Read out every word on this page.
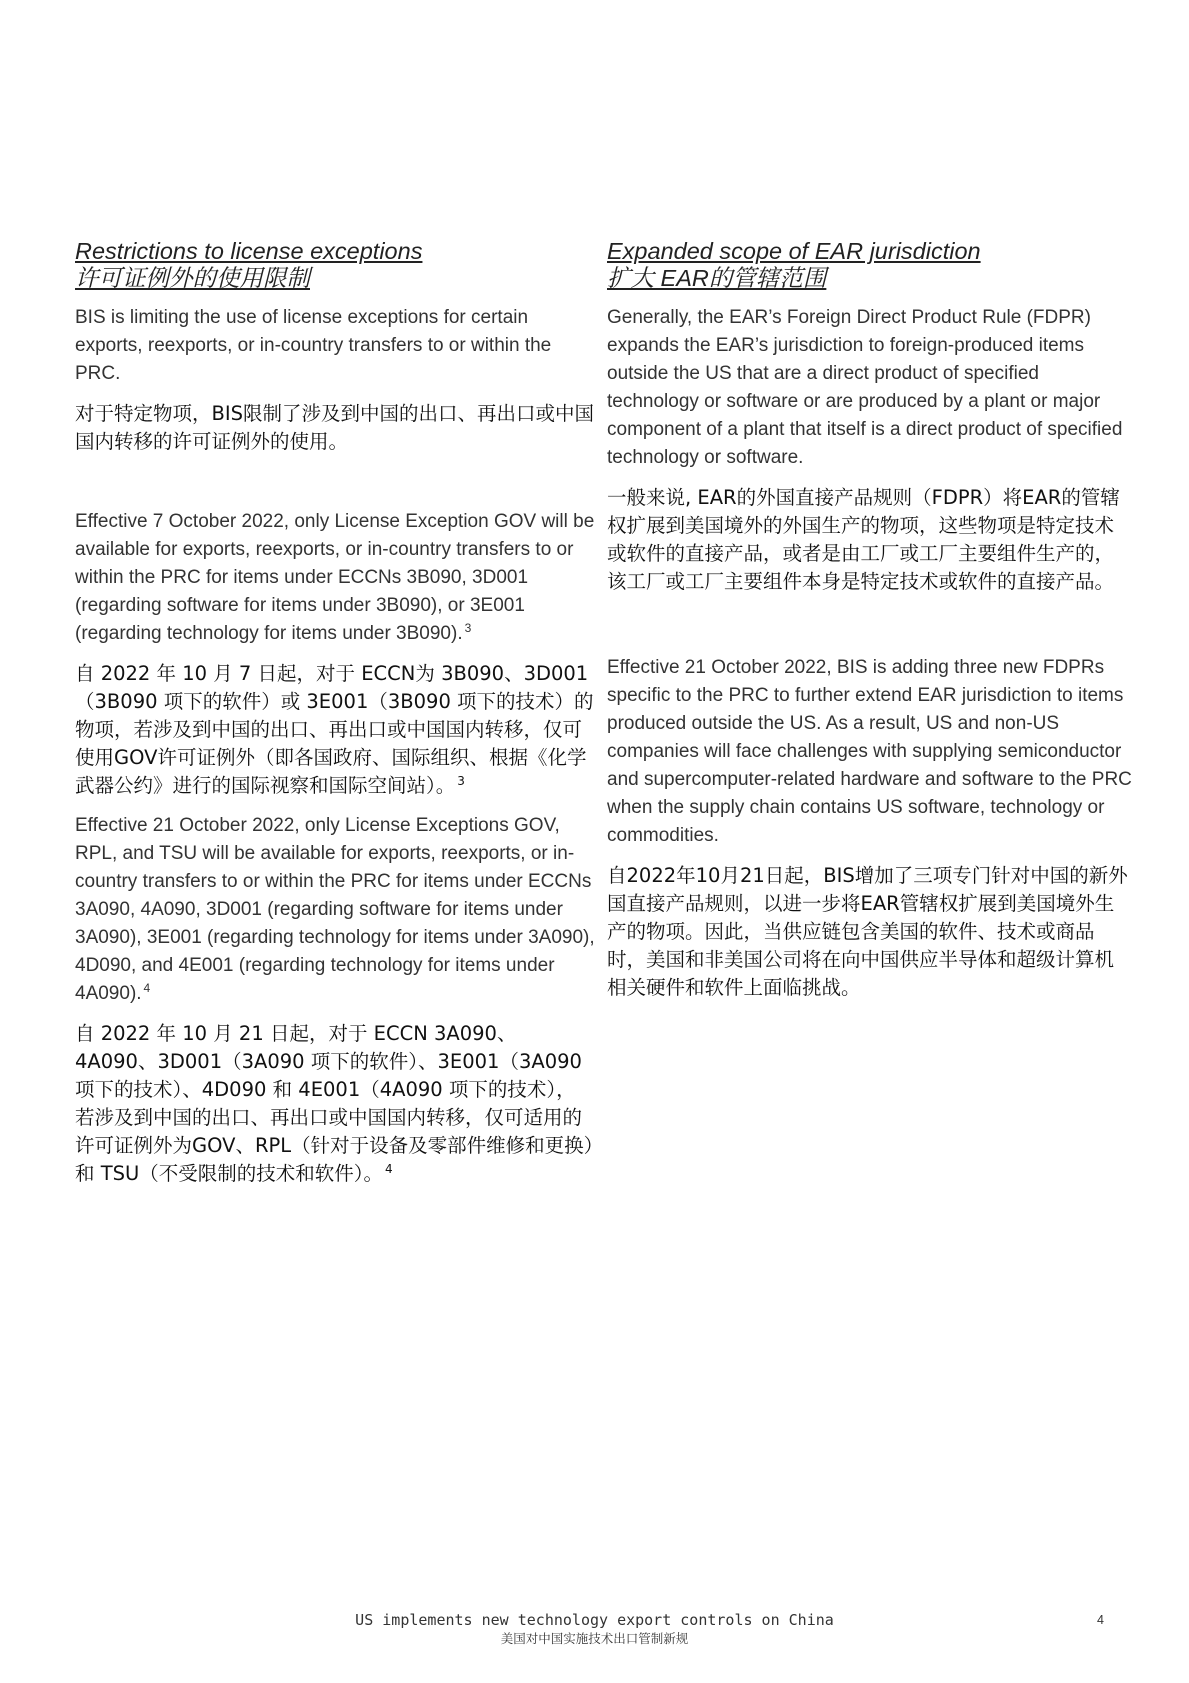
Restrictions to license exceptions
许可证例外的使用限制

BIS is limiting the use of license exceptions for certain exports, reexports, or in-country transfers to or within the PRC.

对于特定物项，BIS限制了涉及到中国的出口、再出口或中国国内转移的许可证例外的使用。

Effective 7 October 2022, only License Exception GOV will be available for exports, reexports, or in-country transfers to or within the PRC for items under ECCNs 3B090, 3D001 (regarding software for items under 3B090), or 3E001 (regarding technology for items under 3B090). $^3$

自 2022 年 10 月 7 日起，对于 ECCN为 3B090、3D001（3B090 项下的软件）或 3E001（3B090 项下的技术）的物项，若涉及到中国的出口、再出口或中国国内转移，仅可使用GOV许可证例外（即各国政府、国际组织、根据《化学武器公约》进行的国际视察和国际空间站）。 $^3$

Effective 21 October 2022, only License Exceptions GOV, RPL, and TSU will be available for exports, reexports, or in-country transfers to or within the PRC for items under ECCNs 3A090, 4A090, 3D001 (regarding software for items under 3A090), 3E001 (regarding technology for items under 3A090), 4D090, and 4E001 (regarding technology for items under 4A090). $^4$

自 2022 年 10 月 21 日起，对于 ECCN 3A090、4A090、3D001（3A090 项下的软件）、3E001（3A090项下的技术）、4D090 和 4E001（4A090 项下的技术），若涉及到中国的出口、再出口或中国国内转移，仅可适用的许可证例外为GOV、RPL（针对于设备及零部件维修和更换）和 TSU（不受限制的技术和软件）。 $^4$

Expanded scope of EAR jurisdiction
扩大 EAR的管辖范围

Generally, the EAR’s Foreign Direct Product Rule (FDPR) expands the EAR’s jurisdiction to foreign-produced items outside the US that are a direct product of specified technology or software or are produced by a plant or major component of a plant that itself is a direct product of specified technology or software.

一般来说, EAR的外国直接产品规则（FDPR）将EAR的管辖权扩展到美国境外的外国生产的物项，这些物项是特定技术或软件的直接产品，或者是由工厂或工厂主要组件生产的，该工厂或工厂主要组件本身是特定技术或软件的直接产品。

Effective 21 October 2022, BIS is adding three new FDPRs specific to the PRC to further extend EAR jurisdiction to items produced outside the US. As a result, US and non-US companies will face challenges with supplying semiconductor and supercomputer-related hardware and software to the PRC when the supply chain contains US software, technology or commodities.

自2022年10月21日起，BIS增加了三项专门针对中国的新外国直接产品规则，以进一步将EAR管辖权扩展到美国境外生产的物项。因此，当供应链包含美国的软件、技术或商品时，美国和非美国公司将在向中国供应半导体和超级计算机相关硬件和软件上面临挑战。

US implements new technology export controls on China
美国对中国实施技术出口管制新规
4
